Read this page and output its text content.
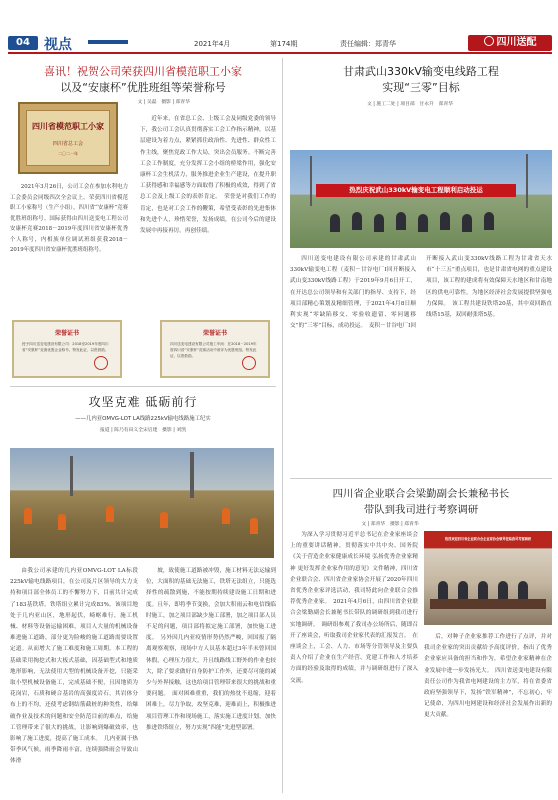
04	视点	2021年4月	第174期	责任编辑：郑青华	四川送配
喜讯！祝贺公司荣获四川省模范职工小家
以及“安康杯”优胜班组等荣誉称号
文 | 吴磊　摄影 | 郑青华
四川省模范职工小家
四川省总工会
二〇二一年
2021年3月26日，公司工会在参加水利电力工会委员会同级四次全会议上，荣获四川省模范职工小家称号（生产小组），四川省“安康杯”竞赛优胜班组称号。国际获得由四川送变电工程公司安康杯竞赛2018－2019年度四川省安康杯优秀个人称号，内相族单位调试班组获我2018－2019年度四川省安康杯优胜班组称号。

近年来，在省总工会、上级工会及同级党委的领导下，我公司工会认真贯彻落实工会工作指示精神，以基层建设为着力点，紧紧抓住政治性、先进性、群众性工作主线，聚焦党政工作大局，突出会员服务。不断完善工会工作制度，充分发挥工会小组的桥梁作用，强化安康杯工会生机活力，服务推进企业生产建设，在提升职工获得感和幸福感等方面取得了积极的成效，得到了省总工会及上级工会的表彰肯定。　荣誉是对我们工作的肯定，也是对工会工作的鞭策，希望受表彰的先进集体和先进个人，珍惜荣誉，发扬成绩，在公司今后的建设发展中再接再厉，再创佳绩。

荣誉证书
授予四川送变电建设有限公司：2018至2019年度四川省“安康杯”竞赛优胜企业称号。特发此证，以资鼓励。
荣誉证书
四川送变电建设有限公司施工车间：在2018－2019年度四川省“安康杯”竞赛活动中被评为优胜班组。特发此证，以资鼓励。
攻坚克难 砥砺前行
——几内亚OMVG-LOT LA线路225kV输电线路施工纪实
报道 | 陈乃有田义全宋启建　摄影 | 刘凯

由我公司承建的几内亚OMVG-LOT LA标段225kV输电线路项目，在公司及片区领导的大力支持和项目部全体员工的不懈努力下，目前共计完成了183基铁塔。铁塔组立累计完成83%。该项目地处于几内亚山区，地形起伏，崎岖难行，施工机械、材料等设备运输困难，项目人大量的机械设备难进施工道路，部分更为险峻的施工道路需要设置定道。从而增大了施工难度和施工周期。本工程的基础采用掏挖式和大板式基础，因基础型式和地质地形影响，无法使用大型的机械设备开挖，只能采取小型机械设备施工，完成基础不便，且因地质为花岗岩，石质和硬合基岩的高强度岩石，其岩体分布上的不均，还使考虑钢结筋截桩的种类性，给爆破作业及技术的问题和安全防范目前的难点，给施工管理带来了很大的挑战，让影响到爆破效率，也影响了施工进度，提高了施工成本。　几内亚属于热带季风气候，雨季降雨丰富，连续强降雨会导致山体滑

坡，致使施工道路被冲毁，施工材料无法运输到位，大面积的基础无法施工，铁塔无法组立，只能选择性的疏散到施，不能按期持续建设施工日期和进度。且年，即将季节变换，会加大积雨云和电信线临时施工，加之项目部缺少施工部署，加之项目部人员不足的问题，项目部将拟定施工部署，加快施工进度。　另外因几内亚疫情形势仍然严峻，回国报了隔离观察观察，现场中方人员基本超过3年半未曾回国休假，心理压力很大。升且线路线工野外的作业也较大，除了要求做好自身防护工作外，还要尽可能的减少与外界接触，这也给项目管理带来很大的挑战和重要问题。　面对困难重重，我们的热忱不退缩，迎着困难上，尽力争取，攻坚克难，迎难而上，积极推进项目管理工作和现场施工，落实施工进度计划，加快推进铁塔组立，努力实现“四能”先进型部署。

甘肃武山330kV输变电线路工程
实现“三零”目标
文 | 施工二处 | 项目部　甘永升　郑青华
热烈庆祝武山330kV输变电工程顺利启动投运

四川送变电建设有限公司承建的甘肃武山330kV输变电工程（麦积－甘谷电厂Ⅰ回开断接入武山变330kV线路工程）于2019年9月6日开工，在开达总公司领导和有关部门的指导、支持下，经项目部精心策划及精细管理，于2021年4月8日顺利实现“零缺陷移交、零验收遗留、零问题移交”的“三零”目标，成功投运。　麦积－甘谷电厂Ⅰ回开断接入武山变330kV线路工程为甘肃省天水市“十三五”重点项目，也是甘肃省电网的重点建设项目，该工程的建成将有效保障天水地区和甘南地区的供电可靠性，为地区经济社会发展提供坚强电力保障。　该工程共建设铁塔20基，其中双回路直线塔15基，双回耐张塔5基。

四川省企业联合会梁勤副会长兼秘书长
带队到我司进行考察调研
文 | 郑青华　摄影 | 郑青华

为深入学习贯彻习近平总书记在企业家座谈会上的重要讲话精神，贯彻落实中共中央、国务院《关于营造企业家健康成长环境 弘扬优秀企业家精神 更好发挥企业家作用的意见》文件精神，四川省企业联合会、四川省企业家协会开展了2020年四川省优秀企业家评选活动，我司特此向企业联合会推荐优秀企业家。　2021年4月6日，由四川省企业联合会梁勤副会长兼秘书长带队的调研组到我司进行实地调研。　调研组参观了我司办公场所后，随即召开了座谈会，听取我司企业家代表的汇报发言。　在座谈会上，工会、人力、市场等分管领导及主要负责人介绍了企业在生产经营、党建工作和人才培养方面的经验及取得的成绩，并与调研组进行了深入交流。

热烈欢迎四川省企业联合会企业家协会领导莅临我司考察调研

后，对种子企业家推荐工作进行了点评，并对我司企业家的突出贡献给予高度评价，指出了优秀企业家应具备的担当和作为，希望企业家精神在企业发展中进一步发扬光大。　四川省送变电建设有限责任公司作为我省电网建设的主力军，将在省委省政府坚强领导下，发扬“铁军精神”，不忘初心，牢记使命，为四川电网建设和经济社会发展作出新的更大贡献。
